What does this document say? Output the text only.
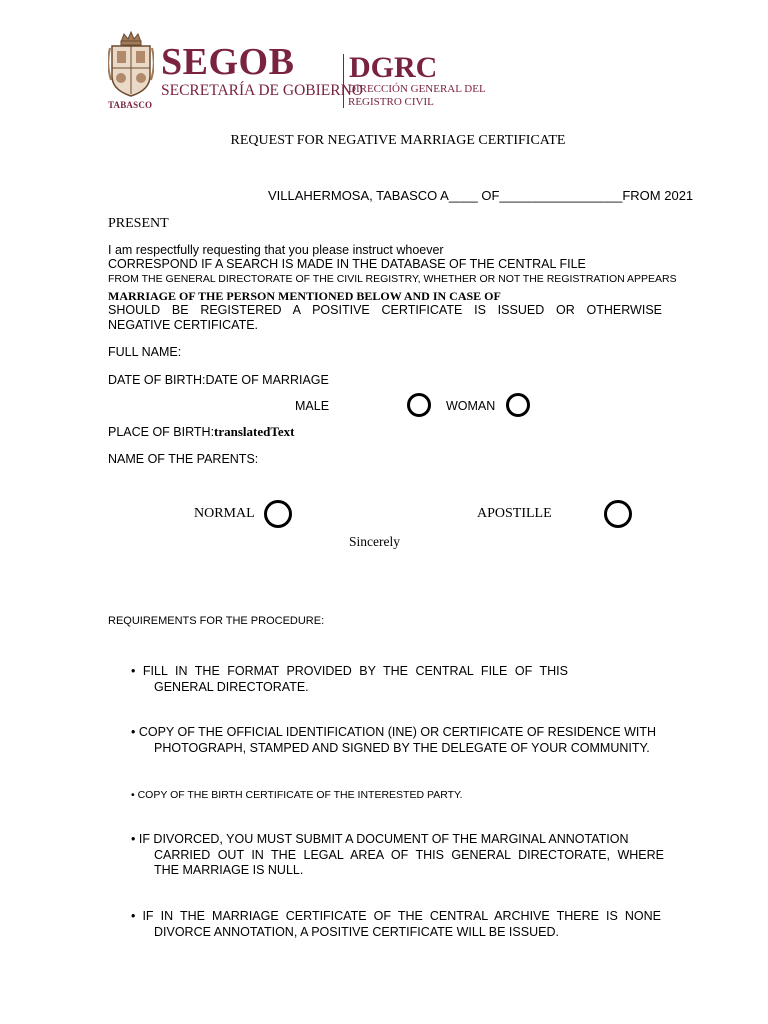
TABASCO
SEGOB
SECRETARÍA DE GOBIERNO
DGRC
DIRECCIÓN GENERAL DEL
REGISTRO CIVIL
REQUEST FOR NEGATIVE MARRIAGE CERTIFICATE
VILLAHERMOSA, TABASCO A____ OF_________________FROM 2021
PRESENT
I am respectfully requesting that you please instruct whoever
CORRESPOND IF A SEARCH IS MADE IN THE DATABASE OF THE CENTRAL FILE
FROM THE GENERAL DIRECTORATE OF THE CIVIL REGISTRY, WHETHER OR NOT THE REGISTRATION APPEARS
MARRIAGE OF THE PERSON MENTIONED BELOW AND IN CASE OF
SHOULD BE REGISTERED A POSITIVE CERTIFICATE IS ISSUED OR OTHERWISE
NEGATIVE CERTIFICATE.
FULL NAME:
DATE OF BIRTH:DATE OF MARRIAGE
MALE	WOMAN
PLACE OF BIRTH:translatedText
NAME OF THE PARENTS:
NORMAL	APOSTILLE
Sincerely
REQUIREMENTS FOR THE PROCEDURE:
• FILL IN THE FORMAT PROVIDED BY THE CENTRAL FILE OF THIS
GENERAL DIRECTORATE.
• COPY OF THE OFFICIAL IDENTIFICATION (INE) OR CERTIFICATE OF RESIDENCE WITH
PHOTOGRAPH, STAMPED AND SIGNED BY THE DELEGATE OF YOUR COMMUNITY.
• COPY OF THE BIRTH CERTIFICATE OF THE INTERESTED PARTY.
• IF DIVORCED, YOU MUST SUBMIT A DOCUMENT OF THE MARGINAL ANNOTATION
CARRIED OUT IN THE LEGAL AREA OF THIS GENERAL DIRECTORATE, WHERE
THE MARRIAGE IS NULL.
• IF IN THE MARRIAGE CERTIFICATE OF THE CENTRAL ARCHIVE THERE IS NONE
DIVORCE ANNOTATION, A POSITIVE CERTIFICATE WILL BE ISSUED.
